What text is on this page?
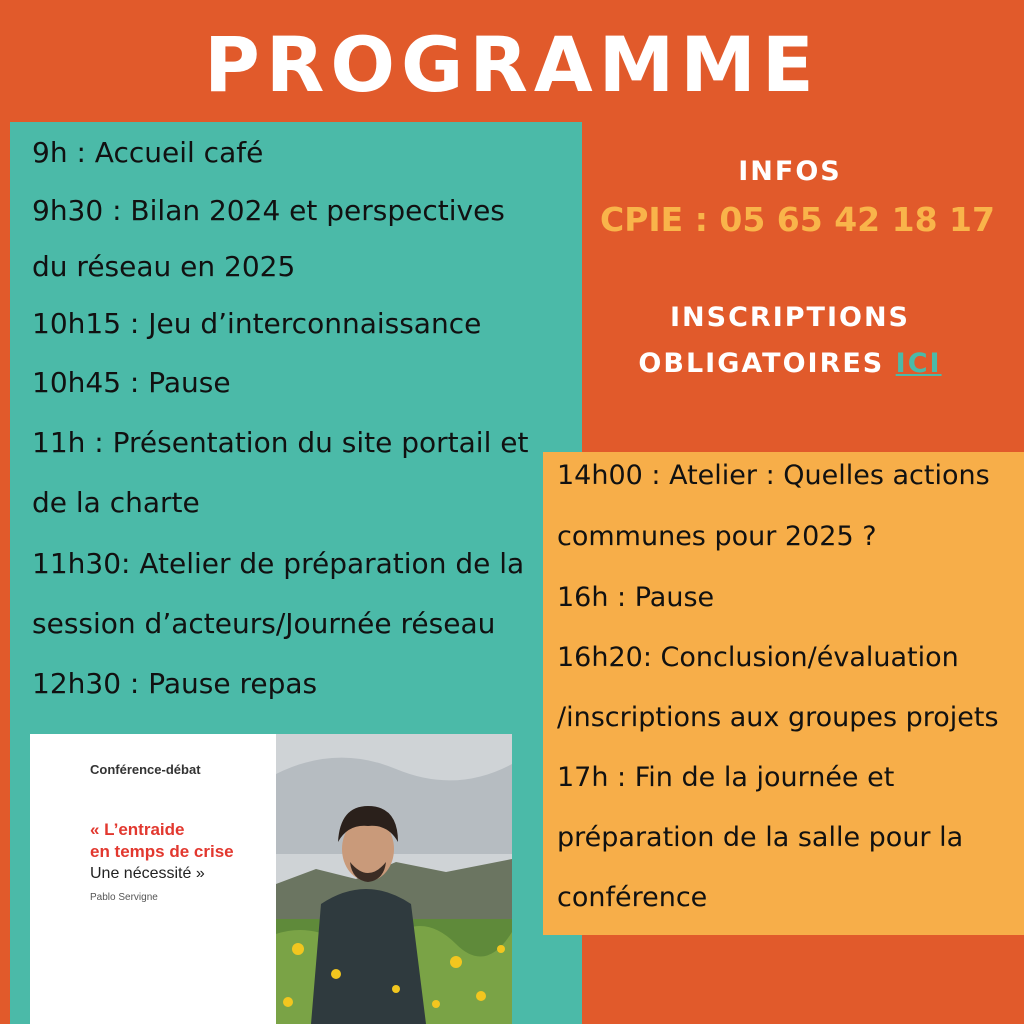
PROGRAMME
9h : Accueil café
9h30 : Bilan 2024 et perspectives
du réseau en 2025
10h15 : Jeu d’interconnaissance
10h45 : Pause
11h : Présentation du site portail et
de la charte
11h30: Atelier de préparation de la
session d’acteurs/Journée réseau
12h30 : Pause repas
INFOS
CPIE : 05 65 42 18 17
INSCRIPTIONS
OBLIGATOIRES ICI
14h00 : Atelier : Quelles actions
communes pour 2025 ?
16h : Pause
16h20: Conclusion/évaluation
/inscriptions aux groupes projets
17h : Fin de la journée et
préparation de la salle pour la
conférence
Conférence-débat
« L’entraide
en temps de crise
Une nécessité »
Pablo Servigne
